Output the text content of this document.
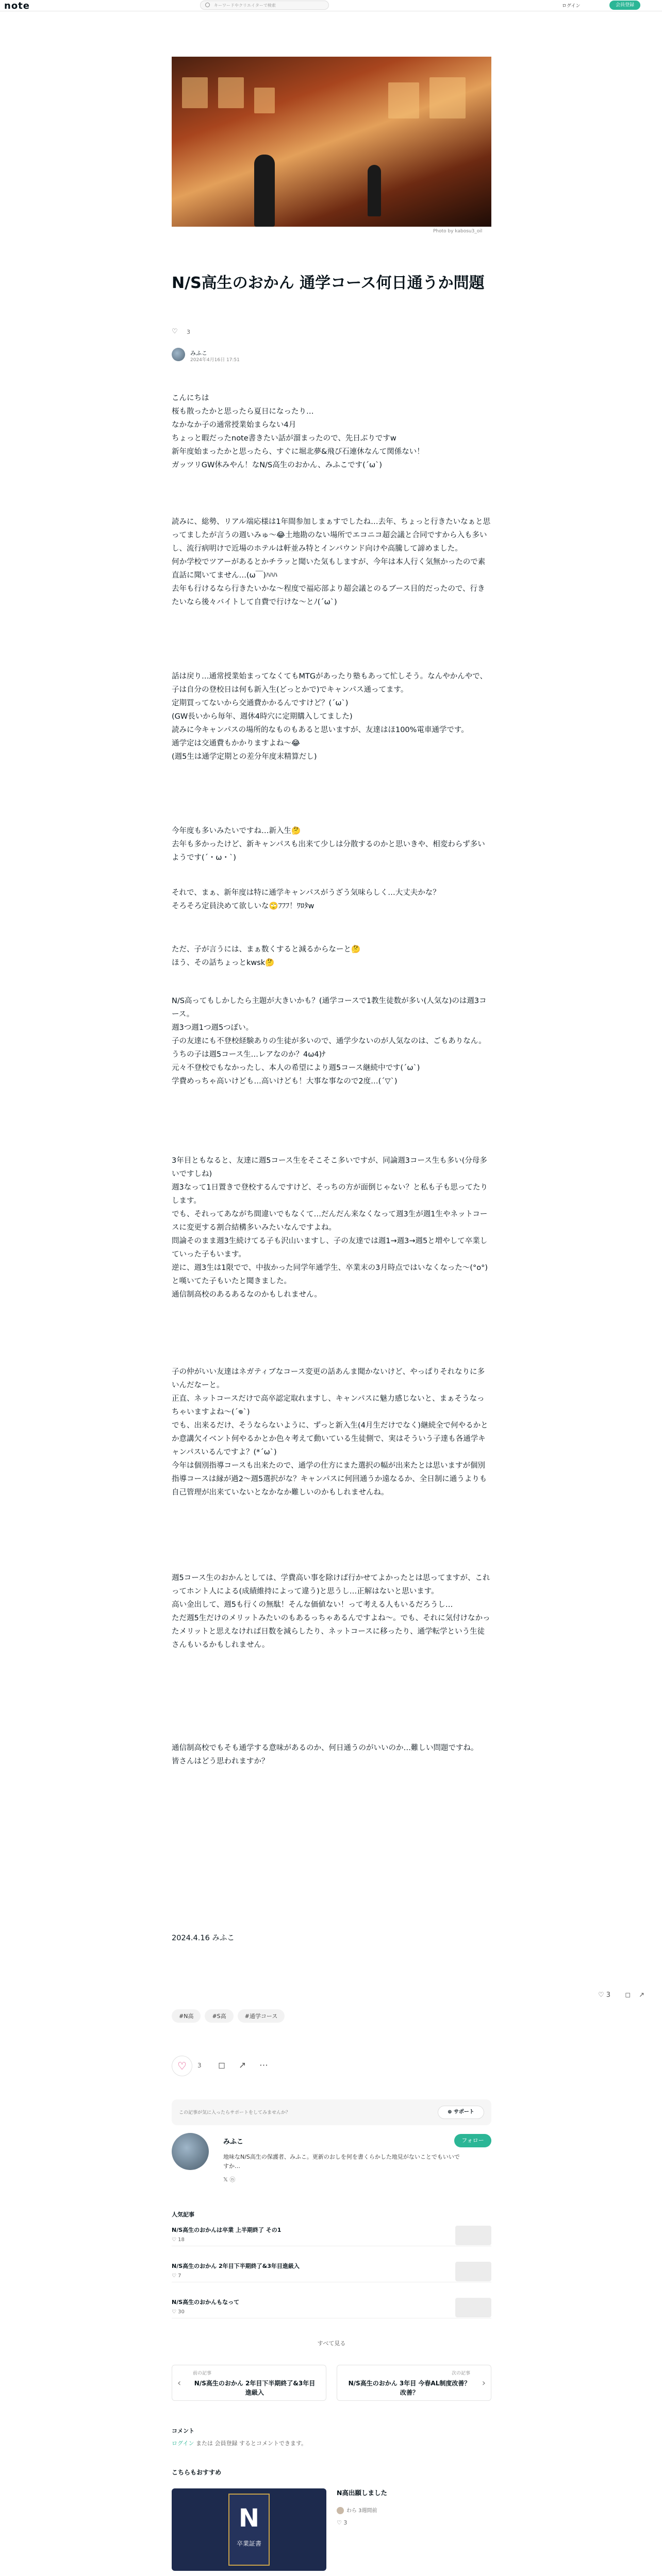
note	キーワードやクリエイターで検索	ログイン	会員登録
Photo by kabosu3_oil
N/S高生のおかん 通学コース何日通うか問題
♡ 3
みふこ
2024年4月16日 17:51

こんにちは
桜も散ったかと思ったら夏日になったり…
なかなか子の通常授業始まらない4月
ちょっと暇だったnote書きたい話が溜まったので、先日ぶりですw
新年度始まったかと思ったら、すぐに堀北夢&飛び石連休なんて関係ない！
ガッツリGW休みやん！なN/S高生のおかん、みふこです(´ω`)

読みに、総勢、リアル端応様は1年間参加しまぁすでしたね…去年、ちょっと行きたいなぁと思ってましたが言うの週いみゅ〜😂土地勘のない場所でエコニコ超会議と合同ですから入も多いし、流行病明けで近場のホテルは軒並み特とインバウンド向けや高騰して諦めました。
何か学校でツアーがあるとかチラッと聞いた気もしますが、今年は本人行く気無かったので素直話に聞いてません…(ω￣)ﾊﾊﾊ
去年も行けるなら行きたいかな〜程度で福応部より超会議とのるブース目的だったので、行きたいなら後々バイトして自費で行けな〜とﾉ(´ω`)

話は戻り…通常授業始まってなくてもMTGがあったり塾もあって忙しそう。なんやかんやで、子は自分の登校日は何も新入生(どっとかで)でキャンパス通ってます。
定期買ってないから交通費かかるんですけど？(´ω`)
(GW長いから毎年、週休4時穴に定期購入してました)
読みに今キャンパスの場所的なものもあると思いますが、友達はほ100%電車通学です。
通学定は交通費もかかりますよね〜😂
(週5生は通学定期との差分年度末精算だし)

今年度も多いみたいですね…新入生🤔
去年も多かったけど、新キャンパスも出来て少しは分散するのかと思いきや、相変わらず多いようです(´・ω・`)

それで、まぁ、新年度は特に通学キャンパスがうざう気味らしく…大丈夫かな？
そろそろ定員決めて欲しいな🙄ﾌﾌﾌ！ﾜﾛﾀw

ただ、子が言うには、まぁ数くすると減るからなーと🤔
ほう、その話ちょっとkwsk🤔

N/S高ってもしかしたら主題が大きいかも？(通学コースで1教生徒数が多い(人気な)のは週3コース。
週3つ週1つ週5つぽい。
子の友達にも不登校経験ありの生徒が多いので、通学少ないのが人気なのは、ごもありなん。
うちの子は週5コース生…レアなのか？4ω4)ﾅ
元々不登校でもなかったし、本人の希望により週5コース継続中です(´ω`)
学費めっちゃ高いけども…高いけども！大事な事なので2度…(´▽`)

3年目ともなると、友達に週5コース生をそこそこ多いですが、同論週3コース生も多い(分母多いですしね)
週3なって1日置きで登校するんですけど、そっちの方が面倒じゃない？と私も子も思ってたりします。
でも、それってあながち間違いでもなくて…だんだん来なくなって週3生が週1生やネットコースに変更する割合結構多いみたいなんですよね。
問論そのまま週3生続けてる子も沢山いますし、子の友達では週1→週3→週5と増やして卒業していった子もいます。
逆に、週3生は1限でで、中抜かった同学年通学生、卒業末の3月時点ではいなくなった〜(°o°)と嘆いてた子もいたと聞きました。
通信制高校のあるあるなのかもしれません。

子の仲がいい友達はネガティブなコース変更の話あんま聞かないけど、やっぱりそれなりに多いんだなーと。
正直、ネットコースだけで高卒認定取れますし、キャンパスに魅力感じないと、まぁそうなっちゃいますよね〜(´𖦹`)
でも、出来るだけ、そうならないように、ずっと新入生(4月生だけでなく)継続全で何やるかとか意講欠イベント何やるかとか色々考えて動いている生徒側で、実はそういう子達も各通学キャンパスいるんですよ？(*´ω`)
今年は個別指導コースも出来たので、通学の仕方にまた選択の幅が出来たとは思いますが個別指導コースは縁が過2〜週5選択がな？キャンパスに何回通うか遠なるか、全日制に通うよりも自己管理が出来ていないとなかなか難しいのかもしれませんね。

週5コース生のおかんとしては、学費高い事を除けば行かせてよかったとは思ってますが、これってホント人による(成績維持によって違う)と思うし…正解はないと思います。
高い金出して、週5も行くの無駄！そんな価値ない！って考える人もいるだろうし…
ただ週5生だけのメリットみたいのもあるっちゃあるんですよね〜。でも、それに気付けなかったメリットと思えなければ日数を減らしたり、ネットコースに移ったり、通学転学という生徒さんもいるかもしれません。

通信制高校でもそも通学する意味があるのか、何日通うのがいいのか…難しい問題ですね。
皆さんはどう思われますか？

2024.4.16 みふこ
#N高	#S高	#通学コース
♡ 3 ◻ ↗
♡	3 ◻ ↗ ⋯
この記事が気に入ったらサポートをしてみませんか？	⊕ サポート
みふこ
地味なN/S高生の保護者、みふこ。更新のおしを何を書くらかした地見がないことでもいいですか…
𝕏 ⓝ
フォロー
人気記事
N/S高生のおかんは卒業 上半期終了 その1
♡ 18
N/S高生のおかん 2年目下半期終了&3年目進級入
♡ 7
N/S高生のおかんもなって
♡ 30
すべて見る
‹
前の記事
N/S高生のおかん 2年目下半期終了&3年目進級入
›
次の記事
N/S高生のおかん 3年目 今春AL制度改善？改善？
コメント
ログイン または 会員登録 するとコメントできます。
こちらもおすすめ
N
卒業証書
N高出願しました
わら 3週間前
♡ 3
